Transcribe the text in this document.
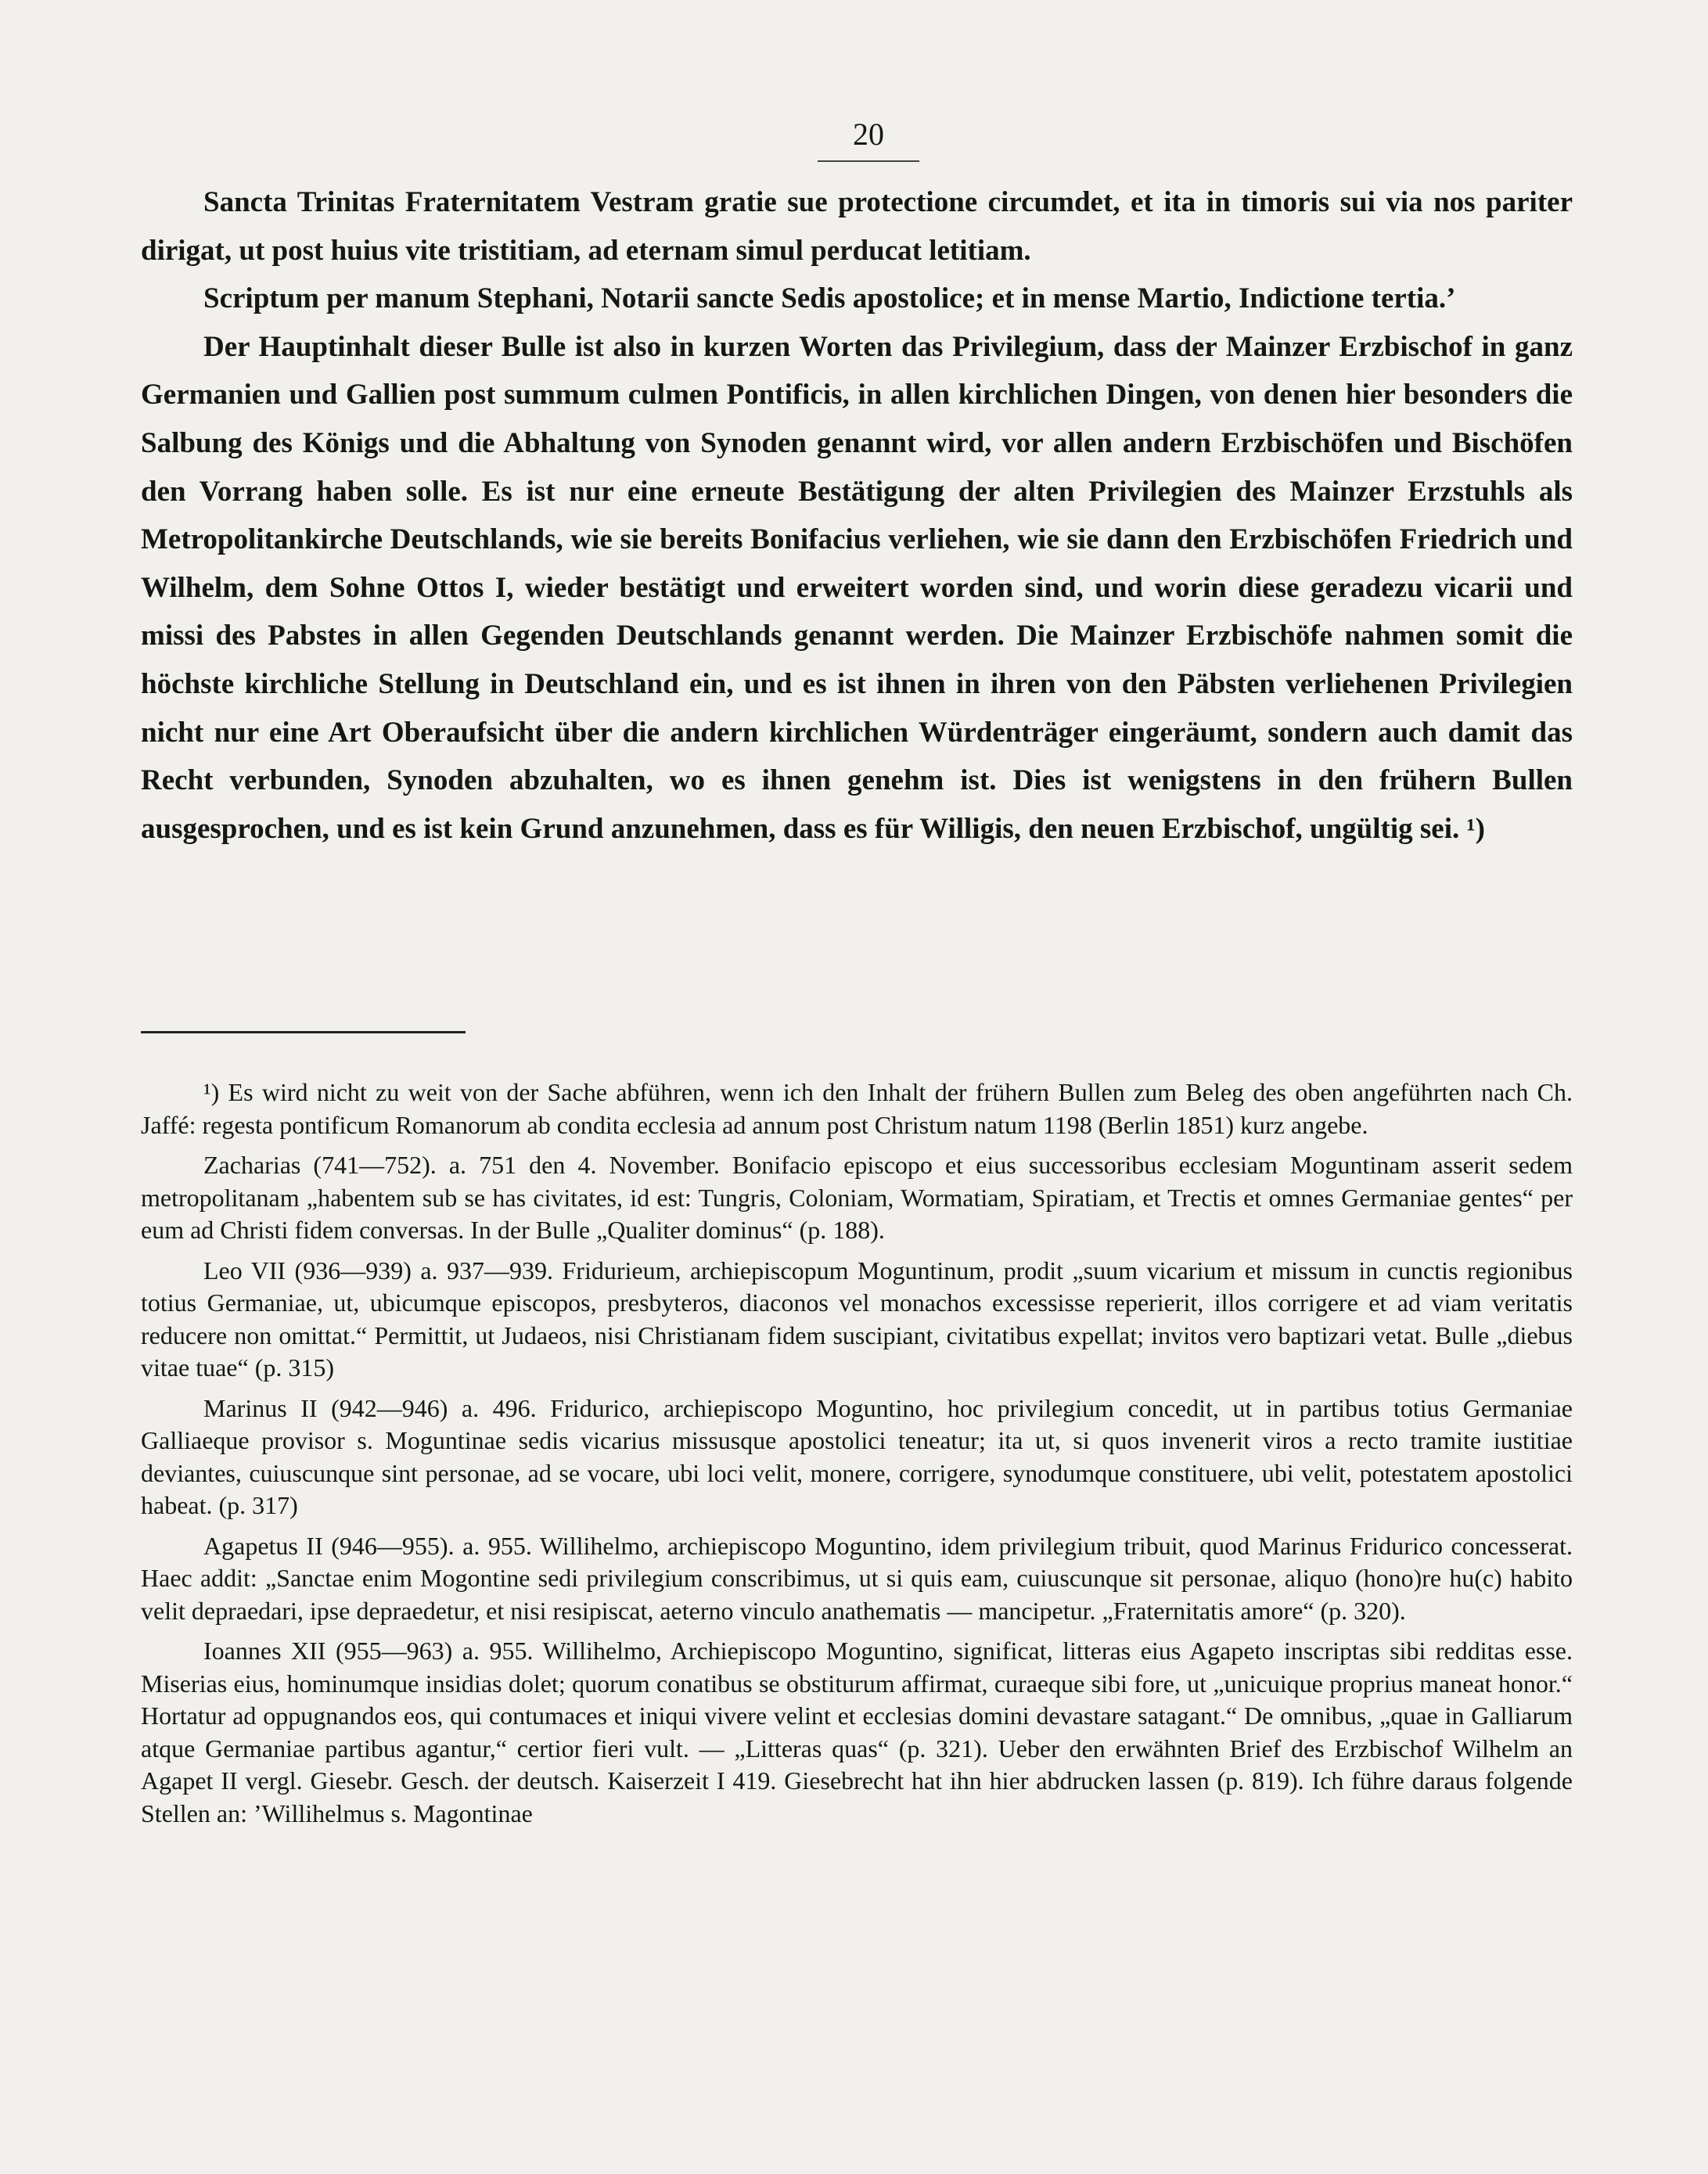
20

Sancta Trinitas Fraternitatem Vestram gratie sue protectione circumdet, et ita in timoris sui via nos pariter dirigat, ut post huius vite tristitiam, ad eternam simul perducat letitiam.

Scriptum per manum Stephani, Notarii sancte Sedis apostolice; et in mense Martio, Indictione tertia.’

Der Hauptinhalt dieser Bulle ist also in kurzen Worten das Privilegium, dass der Mainzer Erzbischof in ganz Germanien und Gallien post summum culmen Pontificis, in allen kirchlichen Dingen, von denen hier besonders die Salbung des Königs und die Abhaltung von Synoden genannt wird, vor allen andern Erzbischöfen und Bischöfen den Vorrang haben solle. Es ist nur eine erneute Bestätigung der alten Privilegien des Mainzer Erzstuhls als Metropolitankirche Deutschlands, wie sie bereits Bonifacius verliehen, wie sie dann den Erzbischöfen Friedrich und Wilhelm, dem Sohne Ottos I, wieder bestätigt und erweitert worden sind, und worin diese geradezu vicarii und missi des Pabstes in allen Gegenden Deutschlands genannt werden. Die Mainzer Erzbischöfe nahmen somit die höchste kirchliche Stellung in Deutschland ein, und es ist ihnen in ihren von den Päbsten verliehenen Privilegien nicht nur eine Art Oberaufsicht über die andern kirchlichen Würdenträger eingeräumt, sondern auch damit das Recht verbunden, Synoden abzuhalten, wo es ihnen genehm ist. Dies ist wenigstens in den frühern Bullen ausgesprochen, und es ist kein Grund anzunehmen, dass es für Willigis, den neuen Erzbischof, ungültig sei. ¹)

¹) Es wird nicht zu weit von der Sache abführen, wenn ich den Inhalt der frühern Bullen zum Beleg des oben angeführten nach Ch. Jaffé: regesta pontificum Romanorum ab condita ecclesia ad annum post Christum natum 1198 (Berlin 1851) kurz angebe.

Zacharias (741—752). a. 751 den 4. November. Bonifacio episcopo et eius successoribus ecclesiam Moguntinam asserit sedem metropolitanam „habentem sub se has civitates, id est: Tungris, Coloniam, Wormatiam, Spiratiam, et Trectis et omnes Germaniae gentes“ per eum ad Christi fidem conversas. In der Bulle „Qualiter dominus“ (p. 188).

Leo VII (936—939) a. 937—939. Fridurieum, archiepiscopum Moguntinum, prodit „suum vicarium et missum in cunctis regionibus totius Germaniae, ut, ubicumque episcopos, presbyteros, diaconos vel monachos excessisse reperierit, illos corrigere et ad viam veritatis reducere non omittat.“ Permittit, ut Judaeos, nisi Christianam fidem suscipiant, civitatibus expellat; invitos vero baptizari vetat. Bulle „diebus vitae tuae“ (p. 315)

Marinus II (942—946) a. 496. Fridurico, archiepiscopo Moguntino, hoc privilegium concedit, ut in partibus totius Germaniae Galliaeque provisor s. Moguntinae sedis vicarius missusque apostolici teneatur; ita ut, si quos invenerit viros a recto tramite iustitiae deviantes, cuiuscunque sint personae, ad se vocare, ubi loci velit, monere, corrigere, synodumque constituere, ubi velit, potestatem apostolici habeat. (p. 317)

Agapetus II (946—955). a. 955. Willihelmo, archiepiscopo Moguntino, idem privilegium tribuit, quod Marinus Fridurico concesserat. Haec addit: „Sanctae enim Mogontine sedi privilegium conscribimus, ut si quis eam, cuiuscunque sit personae, aliquo (hono)re hu(c) habito velit depraedari, ipse depraedetur, et nisi resipiscat, aeterno vinculo anathematis — mancipetur. „Fraternitatis amore“ (p. 320).

Ioannes XII (955—963) a. 955. Willihelmo, Archiepiscopo Moguntino, significat, litteras eius Agapeto inscriptas sibi redditas esse. Miserias eius, hominumque insidias dolet; quorum conatibus se obstiturum affirmat, curaeque sibi fore, ut „unicuique proprius maneat honor.“ Hortatur ad oppugnandos eos, qui contumaces et iniqui vivere velint et ecclesias domini devastare satagant.“ De omnibus, „quae in Galliarum atque Germaniae partibus agantur,“ certior fieri vult. — „Litteras quas“ (p. 321). Ueber den erwähnten Brief des Erzbischof Wilhelm an Agapet II vergl. Giesebr. Gesch. der deutsch. Kaiserzeit I 419. Giesebrecht hat ihn hier abdrucken lassen (p. 819). Ich führe daraus folgende Stellen an: ’Willihelmus s. Magontinae
